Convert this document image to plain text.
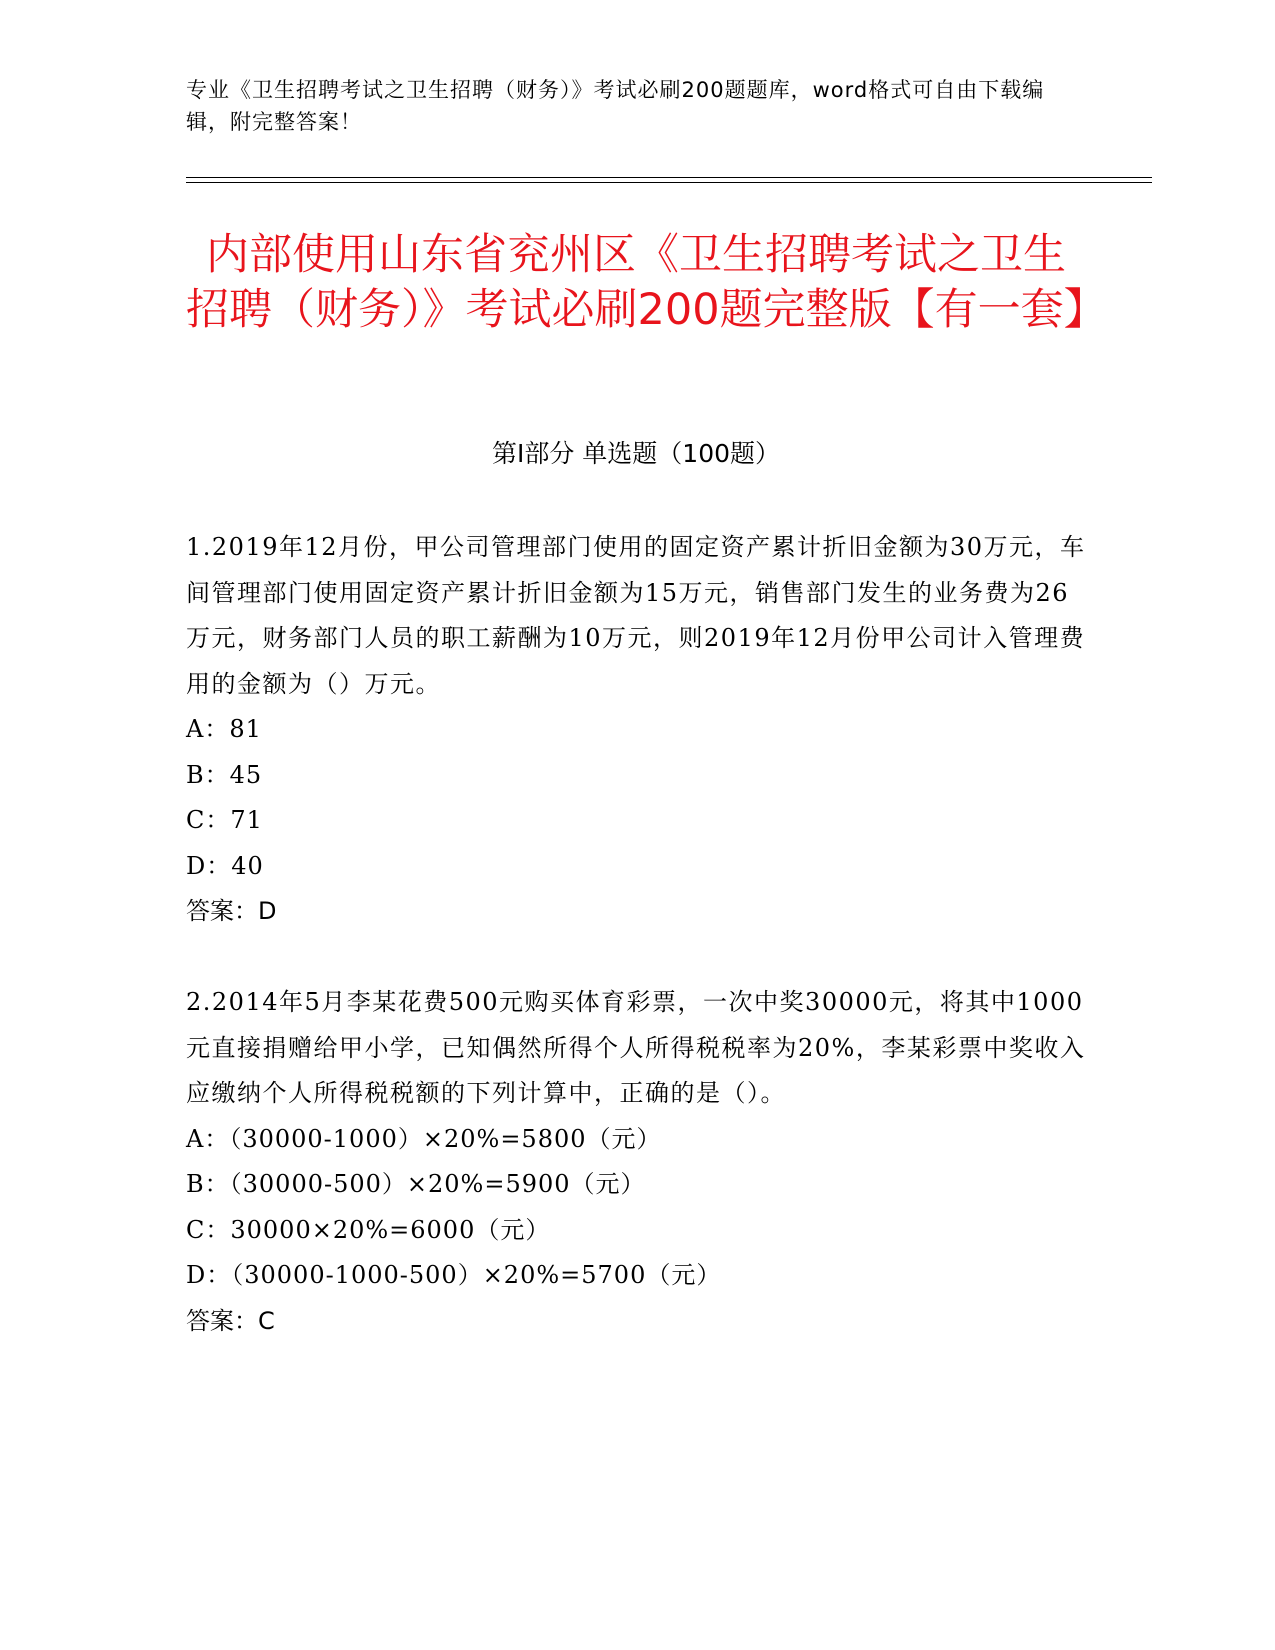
专业《卫生招聘考试之卫生招聘（财务）》考试必刷200题题库，word格式可自由下载编辑，附完整答案！
内部使用山东省兖州区《卫生招聘考试之卫生招聘（财务）》考试必刷200题完整版【有一套】
第Ⅰ部分 单选题（100题）

1.2019年12月份，甲公司管理部门使用的固定资产累计折旧金额为30万元，车间管理部门使用固定资产累计折旧金额为15万元，销售部门发生的业务费为26万元，财务部门人员的职工薪酬为10万元，则2019年12月份甲公司计入管理费用的金额为（）万元。

A：81

B：45

C：71

D：40

答案：D

2.2014年5月李某花费500元购买体育彩票，一次中奖30000元，将其中1000元直接捐赠给甲小学，已知偶然所得个人所得税税率为20%，李某彩票中奖收入应缴纳个人所得税税额的下列计算中，正确的是（）。

A：（30000-1000）×20%=5800（元）

B：（30000-500）×20%=5900（元）

C：30000×20%=6000（元）

D：（30000-1000-500）×20%=5700（元）

答案：C
